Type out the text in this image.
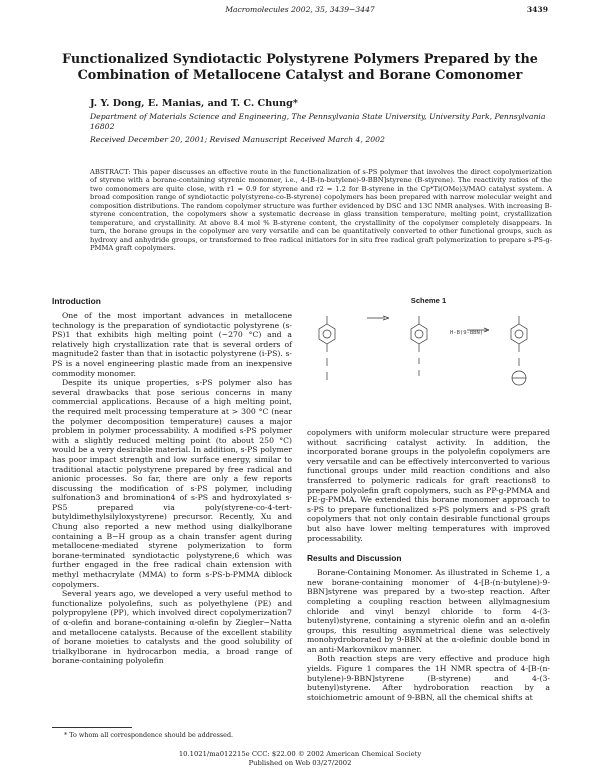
Macromolecules 2002, 35, 3439−3447	3439
Functionalized Syndiotactic Polystyrene Polymers Prepared by the Combination of Metallocene Catalyst and Borane Comonomer
J. Y. Dong, E. Manias, and T. C. Chung*
Department of Materials Science and Engineering, The Pennsylvania State University, University Park, Pennsylvania 16802
Received December 20, 2001; Revised Manuscript Received March 4, 2002
ABSTRACT: This paper discusses an effective route in the functionalization of s-PS polymer that involves the direct copolymerization of styrene with a borane-containing styrenic monomer, i.e., 4-[B-(n-butylene)-9-BBN]styrene (B-styrene). The reactivity ratios of the two comonomers are quite close, with r1 = 0.9 for styrene and r2 = 1.2 for B-styrene in the Cp*Ti(OMe)3/MAO catalyst system. A broad composition range of syndiotactic poly(styrene-co-B-styrene) copolymers has been prepared with narrow molecular weight and composition distributions. The random copolymer structure was further evidenced by DSC and 13C NMR analyses. With increasing B-styrene concentration, the copolymers show a systematic decrease in glass transition temperature, melting point, crystallization temperature, and crystallinity. At above 8.4 mol % B-styrene content, the crystallinity of the copolymer completely disappears. In turn, the borane groups in the copolymer are very versatile and can be quantitatively converted to other functional groups, such as hydroxy and anhydride groups, or transformed to free radical initiators for in situ free radical graft polymerization to prepare s-PS-g-PMMA graft copolymers.
Introduction

One of the most important advances in metallocene technology is the preparation of syndiotactic polystyrene (s-PS)1 that exhibits high melting point (~270 °C) and a relatively high crystallization rate that is several orders of magnitude2 faster than that in isotactic polystyrene (i-PS). s-PS is a novel engineering plastic made from an inexpensive commodity monomer.

Despite its unique properties, s-PS polymer also has several drawbacks that pose serious concerns in many commercial applications. Because of a high melting point, the required melt processing temperature at > 300 °C (near the polymer decomposition temperature) causes a major problem in polymer processability. A modified s-PS polymer with a slightly reduced melting point (to about 250 °C) would be a very desirable material. In addition, s-PS polymer has poor impact strength and low surface energy, similar to traditional atactic polystyrene prepared by free radical and anionic processes. So far, there are only a few reports discussing the modification of s-PS polymer, including sulfonation3 and bromination4 of s-PS and hydroxylated s-PS5 prepared via poly(styrene-co-4-tert-butyldimethylsilyloxystyrene) precursor. Recently, Xu and Chung also reported a new method using dialkylborane containing a B−H group as a chain transfer agent during metallocene-mediated styrene polymerization to form borane-terminated syndiotactic polystyrene,6 which was further engaged in the free radical chain extension with methyl methacrylate (MMA) to form s-PS-b-PMMA diblock copolymers.

Several years ago, we developed a very useful method to functionalize polyolefins, such as polyethylene (PE) and polypropylene (PP), which involved direct copolymerization7 of α-olefin and borane-containing α-olefin by Ziegler−Natta and metallocene catalysts. Because of the excellent stability of borane moieties to catalysts and the good solubility of trialkylborane in hydrocarbon media, a broad range of borane-containing polyolefin

Scheme 1
H-B(9-BBN)

copolymers with uniform molecular structure were prepared without sacrificing catalyst activity. In addition, the incorporated borane groups in the polyolefin copolymers are very versatile and can be effectively interconverted to various functional groups under mild reaction conditions and also transferred to polymeric radicals for graft reactions8 to prepare polyolefin graft copolymers, such as PP-g-PMMA and PE-g-PMMA. We extended this borane monomer approach to s-PS to prepare functionalized s-PS polymers and s-PS graft copolymers that not only contain desirable functional groups but also have lower melting temperatures with improved processability.

Results and Discussion

Borane-Containing Monomer. As illustrated in Scheme 1, a new borane-containing monomer of 4-[B-(n-butylene)-9-BBN]styrene was prepared by a two-step reaction. After completing a coupling reaction between allylmagnesium chloride and vinyl benzyl chloride to form 4-(3-butenyl)styrene, containing a styrenic olefin and an α-olefin groups, this resulting asymmetrical diene was selectively monohydroborated by 9-BBN at the α-olefinic double bond in an anti-Markovnikov manner.

Both reaction steps are very effective and produce high yields. Figure 1 compares the 1H NMR spectra of 4-[B-(n-butylene)-9-BBN]styrene (B-styrene) and 4-(3-butenyl)styrene. After hydroboration reaction by a stoichiometric amount of 9-BBN, all the chemical shifts at

* To whom all correspondence should be addressed.
10.1021/ma012215e CCC: $22.00 © 2002 American Chemical Society
Published on Web 03/27/2002
